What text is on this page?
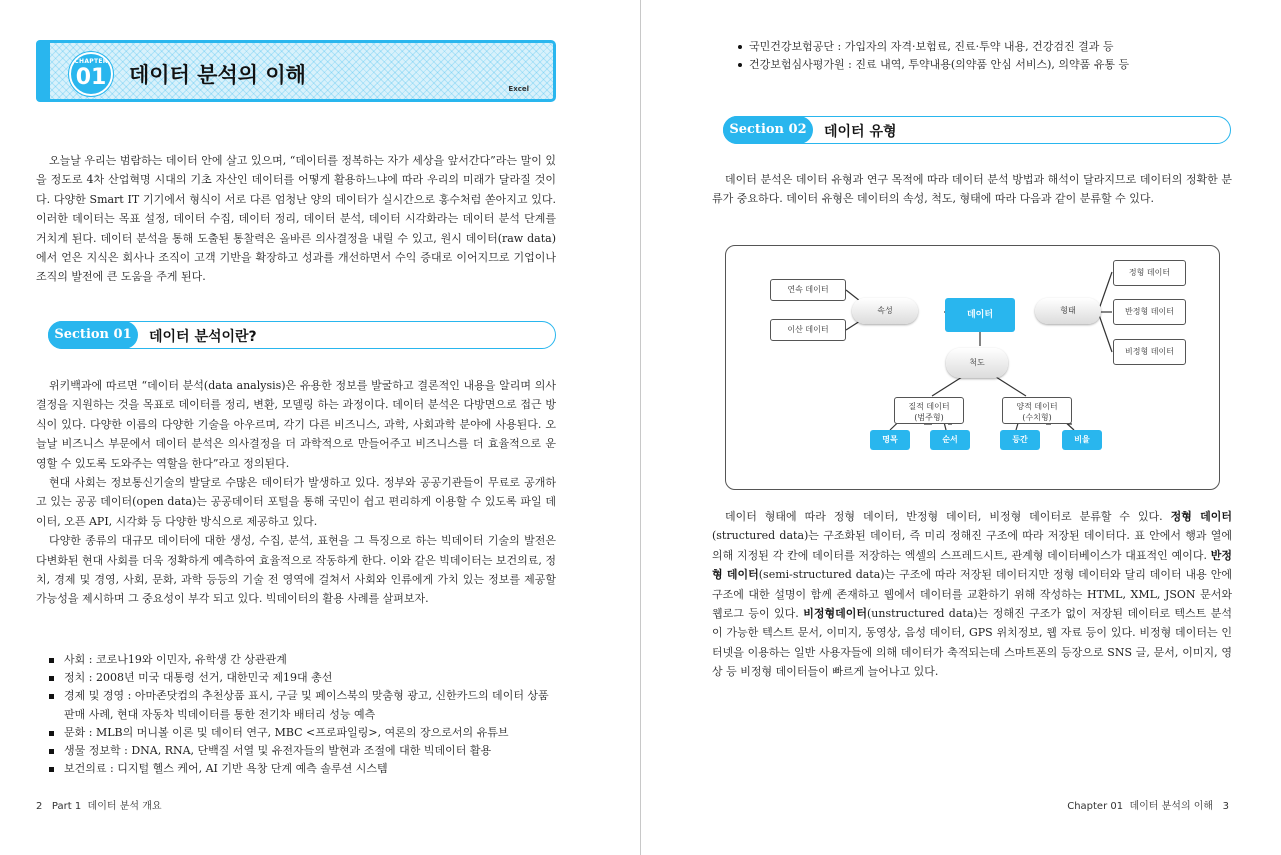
CHAPTER
01 데이터 분석의 이해
Excel

오늘날 우리는 범람하는 데이터 안에 살고 있으며, “데이터를 정복하는 자가 세상을 앞서간다”라는 말이 있을 정도로 4차 산업혁명 시대의 기초 자산인 데이터를 어떻게 활용하느냐에 따라 우리의 미래가 달라질 것이다. 다양한 Smart IT 기기에서 형식이 서로 다른 엄청난 양의 데이터가 실시간으로 홍수처럼 쏟아지고 있다. 이러한 데이터는 목표 설정, 데이터 수집, 데이터 정리, 데이터 분석, 데이터 시각화라는 데이터 분석 단계를 거치게 된다. 데이터 분석을 통해 도출된 통찰력은 올바른 의사결정을 내릴 수 있고, 원시 데이터(raw data)에서 얻은 지식은 회사나 조직이 고객 기반을 확장하고 성과를 개선하면서 수익 증대로 이어지므로 기업이나 조직의 발전에 큰 도움을 주게 된다.

Section 01	데이터 분석이란?

위키백과에 따르면 “데이터 분석(data analysis)은 유용한 정보를 발굴하고 결론적인 내용을 알리며 의사결정을 지원하는 것을 목표로 데이터를 정리, 변환, 모델링 하는 과정이다. 데이터 분석은 다방면으로 접근 방식이 있다. 다양한 이름의 다양한 기술을 아우르며, 각기 다른 비즈니스, 과학, 사회과학 분야에 사용된다. 오늘날 비즈니스 부문에서 데이터 분석은 의사결정을 더 과학적으로 만들어주고 비즈니스를 더 효율적으로 운영할 수 있도록 도와주는 역할을 한다”라고 정의된다.

현대 사회는 정보통신기술의 발달로 수많은 데이터가 발생하고 있다. 정부와 공공기관들이 무료로 공개하고 있는 공공 데이터(open data)는 공공데이터 포털을 통해 국민이 쉽고 편리하게 이용할 수 있도록 파일 데이터, 오픈 API, 시각화 등 다양한 방식으로 제공하고 있다.

다양한 종류의 대규모 데이터에 대한 생성, 수집, 분석, 표현을 그 특징으로 하는 빅데이터 기술의 발전은 다변화된 현대 사회를 더욱 정확하게 예측하여 효율적으로 작동하게 한다. 이와 같은 빅데이터는 보건의료, 정치, 경제 및 경영, 사회, 문화, 과학 등등의 기술 전 영역에 걸쳐서 사회와 인류에게 가치 있는 정보를 제공할 가능성을 제시하며 그 중요성이 부각 되고 있다. 빅데이터의 활용 사례를 살펴보자.

사회 : 코로나19와 이민자, 유학생 간 상관관계
정치 : 2008년 미국 대통령 선거, 대한민국 제19대 총선
경제 및 경영 : 아마존닷컴의 추천상품 표시, 구글 및 페이스북의 맞춤형 광고, 신한카드의 데이터 상품 판매 사례, 현대 자동차 빅데이터를 통한 전기차 배터리 성능 예측
문화 : MLB의 머니볼 이론 및 데이터 연구, MBC <프로파일링>, 여론의 장으로서의 유튜브
생물 정보학 : DNA, RNA, 단백질 서열 및 유전자들의 발현과 조절에 대한 빅데이터 활용
보건의료 : 디지털 헬스 케어, AI 기반 욕창 단계 예측 솔루션 시스템
2   Part 1  데이터 분석 개요
국민건강보험공단 : 가입자의 자격·보험료, 진료·투약 내용, 건강검진 결과 등
건강보험심사평가원 : 진료 내역, 투약내용(의약품 안심 서비스), 의약품 유통 등
Section 02	데이터 유형

데이터 분석은 데이터 유형과 연구 목적에 따라 데이터 분석 방법과 해석이 달라지므로 데이터의 정확한 분류가 중요하다. 데이터 유형은 데이터의 속성, 척도, 형태에 따라 다음과 같이 분류할 수 있다.

연속 데이터
이산 데이터
속성	데이터	형태
정형 데이터
반정형 데이터
비정형 데이터
척도
질적 데이터
(범주형)
양적 데이터
(수치형)
명목	순서	등간	비율

데이터 형태에 따라 정형 데이터, 반정형 데이터, 비정형 데이터로 분류할 수 있다. 정형 데이터(structured data)는 구조화된 데이터, 즉 미리 정해진 구조에 따라 저장된 데이터다. 표 안에서 행과 열에 의해 지정된 각 칸에 데이터를 저장하는 엑셀의 스프레드시트, 관계형 데이터베이스가 대표적인 예이다. 반정형 데이터(semi-structured data)는 구조에 따라 저장된 데이터지만 정형 데이터와 달리 데이터 내용 안에 구조에 대한 설명이 함께 존재하고 웹에서 데이터를 교환하기 위해 작성하는 HTML, XML, JSON 문서와 웹로그 등이 있다. 비정형데이터(unstructured data)는 정해진 구조가 없이 저장된 데이터로 텍스트 분석이 가능한 텍스트 문서, 이미지, 동영상, 음성 데이터, GPS 위치정보, 웹 자료 등이 있다. 비정형 데이터는 인터넷을 이용하는 일반 사용자들에 의해 데이터가 축적되는데 스마트폰의 등장으로 SNS 글, 문서, 이미지, 영상 등 비정형 데이터들이 빠르게 늘어나고 있다.

Chapter 01  데이터 분석의 이해   3
